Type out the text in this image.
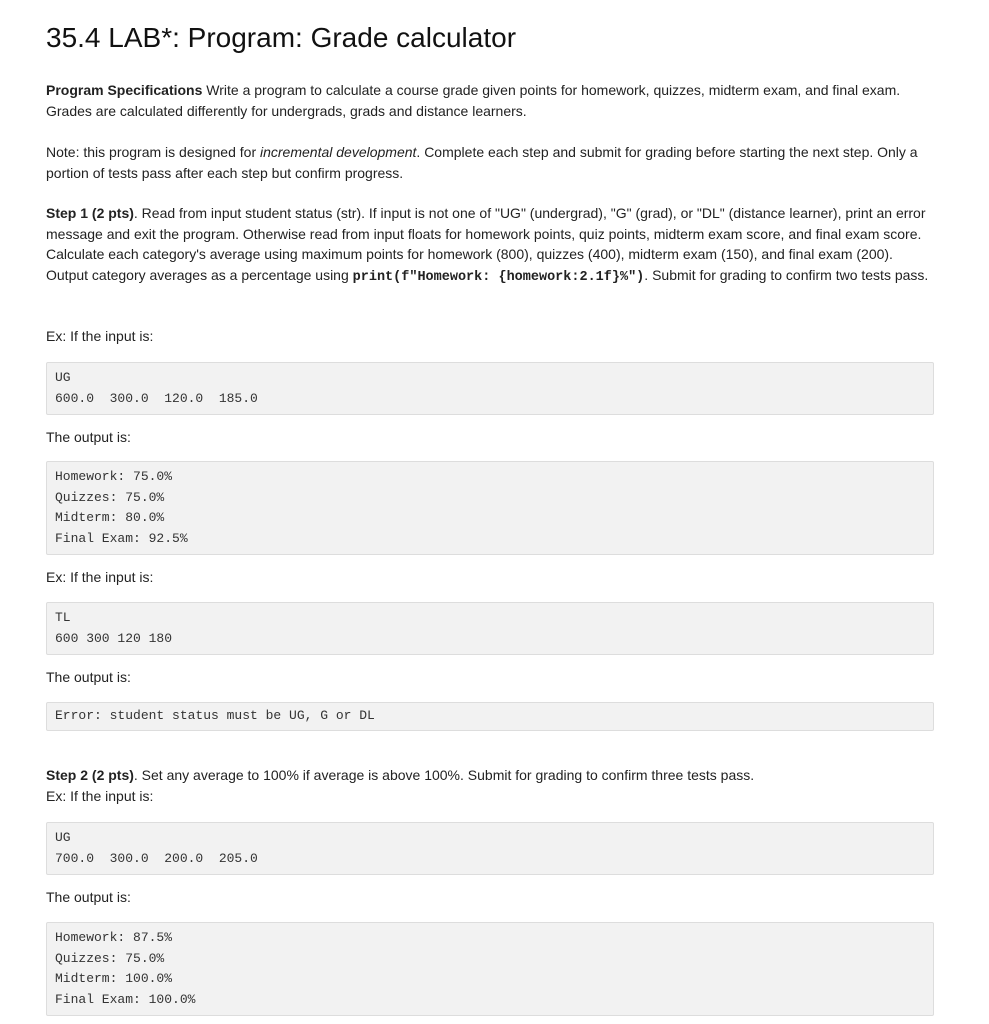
35.4 LAB*: Program: Grade calculator

Program Specifications Write a program to calculate a course grade given points for homework, quizzes, midterm exam, and final exam. Grades are calculated differently for undergrads, grads and distance learners.

Note: this program is designed for incremental development. Complete each step and submit for grading before starting the next step. Only a portion of tests pass after each step but confirm progress.

Step 1 (2 pts). Read from input student status (str). If input is not one of "UG" (undergrad), "G" (grad), or "DL" (distance learner), print an error message and exit the program. Otherwise read from input floats for homework points, quiz points, midterm exam score, and final exam score. Calculate each category's average using maximum points for homework (800), quizzes (400), midterm exam (150), and final exam (200). Output category averages as a percentage using print(f"Homework: {homework:2.1f}%"). Submit for grading to confirm two tests pass.

Ex: If the input is:

UG
600.0  300.0  120.0  185.0

The output is:

Homework: 75.0%
Quizzes: 75.0%
Midterm: 80.0%
Final Exam: 92.5%

Ex: If the input is:

TL
600 300 120 180

The output is:

Error: student status must be UG, G or DL

Step 2 (2 pts). Set any average to 100% if average is above 100%. Submit for grading to confirm three tests pass.

Ex: If the input is:

UG
700.0  300.0  200.0  205.0

The output is:

Homework: 87.5%
Quizzes: 75.0%
Midterm: 100.0%
Final Exam: 100.0%
